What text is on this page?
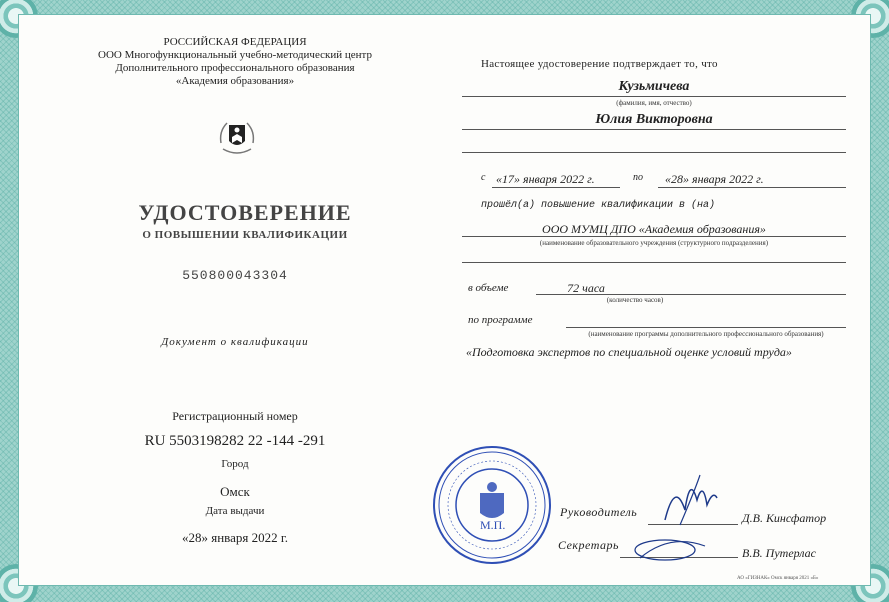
РОССИЙСКАЯ ФЕДЕРАЦИЯ
ООО Многофункциональный учебно-методический центр
Дополнительного профессионального образования
«Академия образования»
УДОСТОВЕРЕНИЕ
О ПОВЫШЕНИИ КВАЛИФИКАЦИИ
550800043304
Документ о квалификации
Регистрационный номер
RU 5503198282 22 -144 -291
Город
Омск
Дата выдачи
«28» января 2022 г.
Настоящее удостоверение подтверждает то, что
Кузьмичева
(фамилия, имя, отчество)
Юлия Викторовна
с «17» января 2022 г.	по «28» января 2022 г.
прошёл(а) повышение квалификации в (на)
ООО МУМЦ ДПО «Академия образования»
(наименование образовательного учреждения (структурного подразделения)
в объеме	72 часа
(количество часов)
по программе
(наименование программы дополнительного профессионального образования)
«Подготовка экспертов по специальной оценке условий труда»
М.П.
Руководитель	Д.В. Кинсфатор
Секретарь
В.В. Путерлас
АО «ГИЗНАК» Омск января 2021 «Б»
